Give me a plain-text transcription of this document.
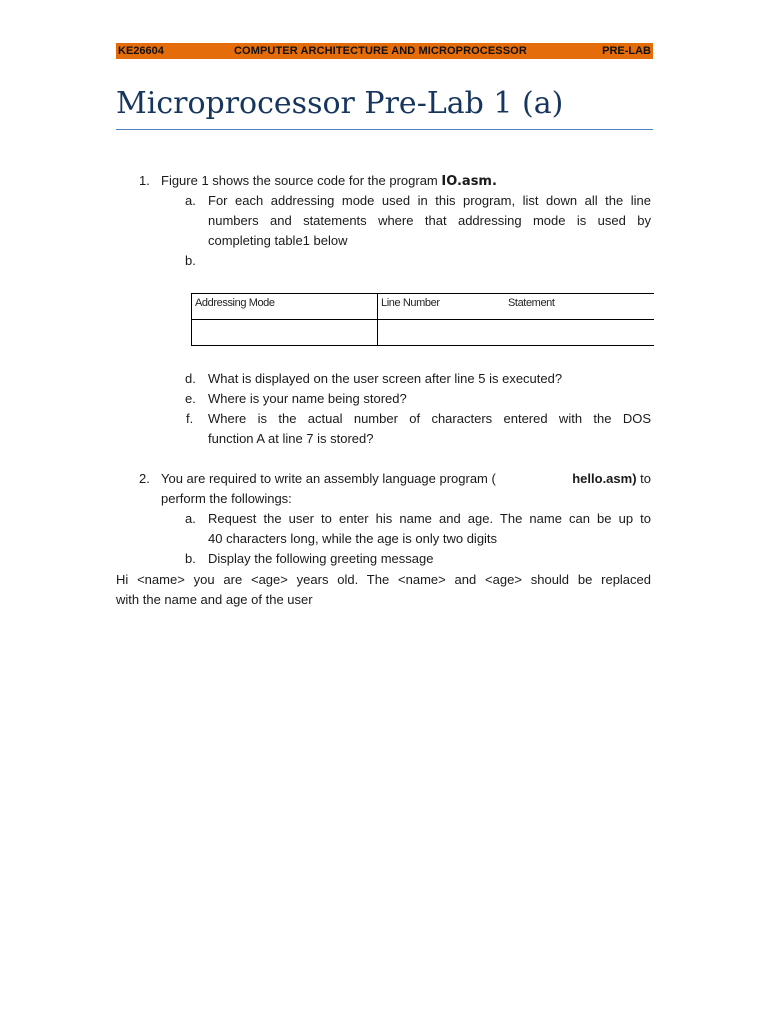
KE26604	COMPUTER ARCHITECTURE AND MICROPROCESSOR	PRE-LAB
Microprocessor Pre-Lab 1 (a)
1. Figure 1 shows the source code for the program IO.asm.
a. For each addressing mode used in this program, list down all the line
numbers and statements where that addressing mode is used by
completing table1 below
b.
Addressing Mode	Line Number	Statement
d. What is displayed on the user screen after line 5 is executed?
e. Where is your name being stored?
f. Where is the actual number of characters entered with the DOS
function A at line 7 is stored?
2. You are required to write an assembly language program (	hello.asm) to
perform the followings:
a. Request the user to enter his name and age. The name can be up to
40 characters long, while the age is only two digits
b. Display the following greeting message
Hi <name> you are <age> years old. The <name> and <age> should be replaced
with the name and age of the user
